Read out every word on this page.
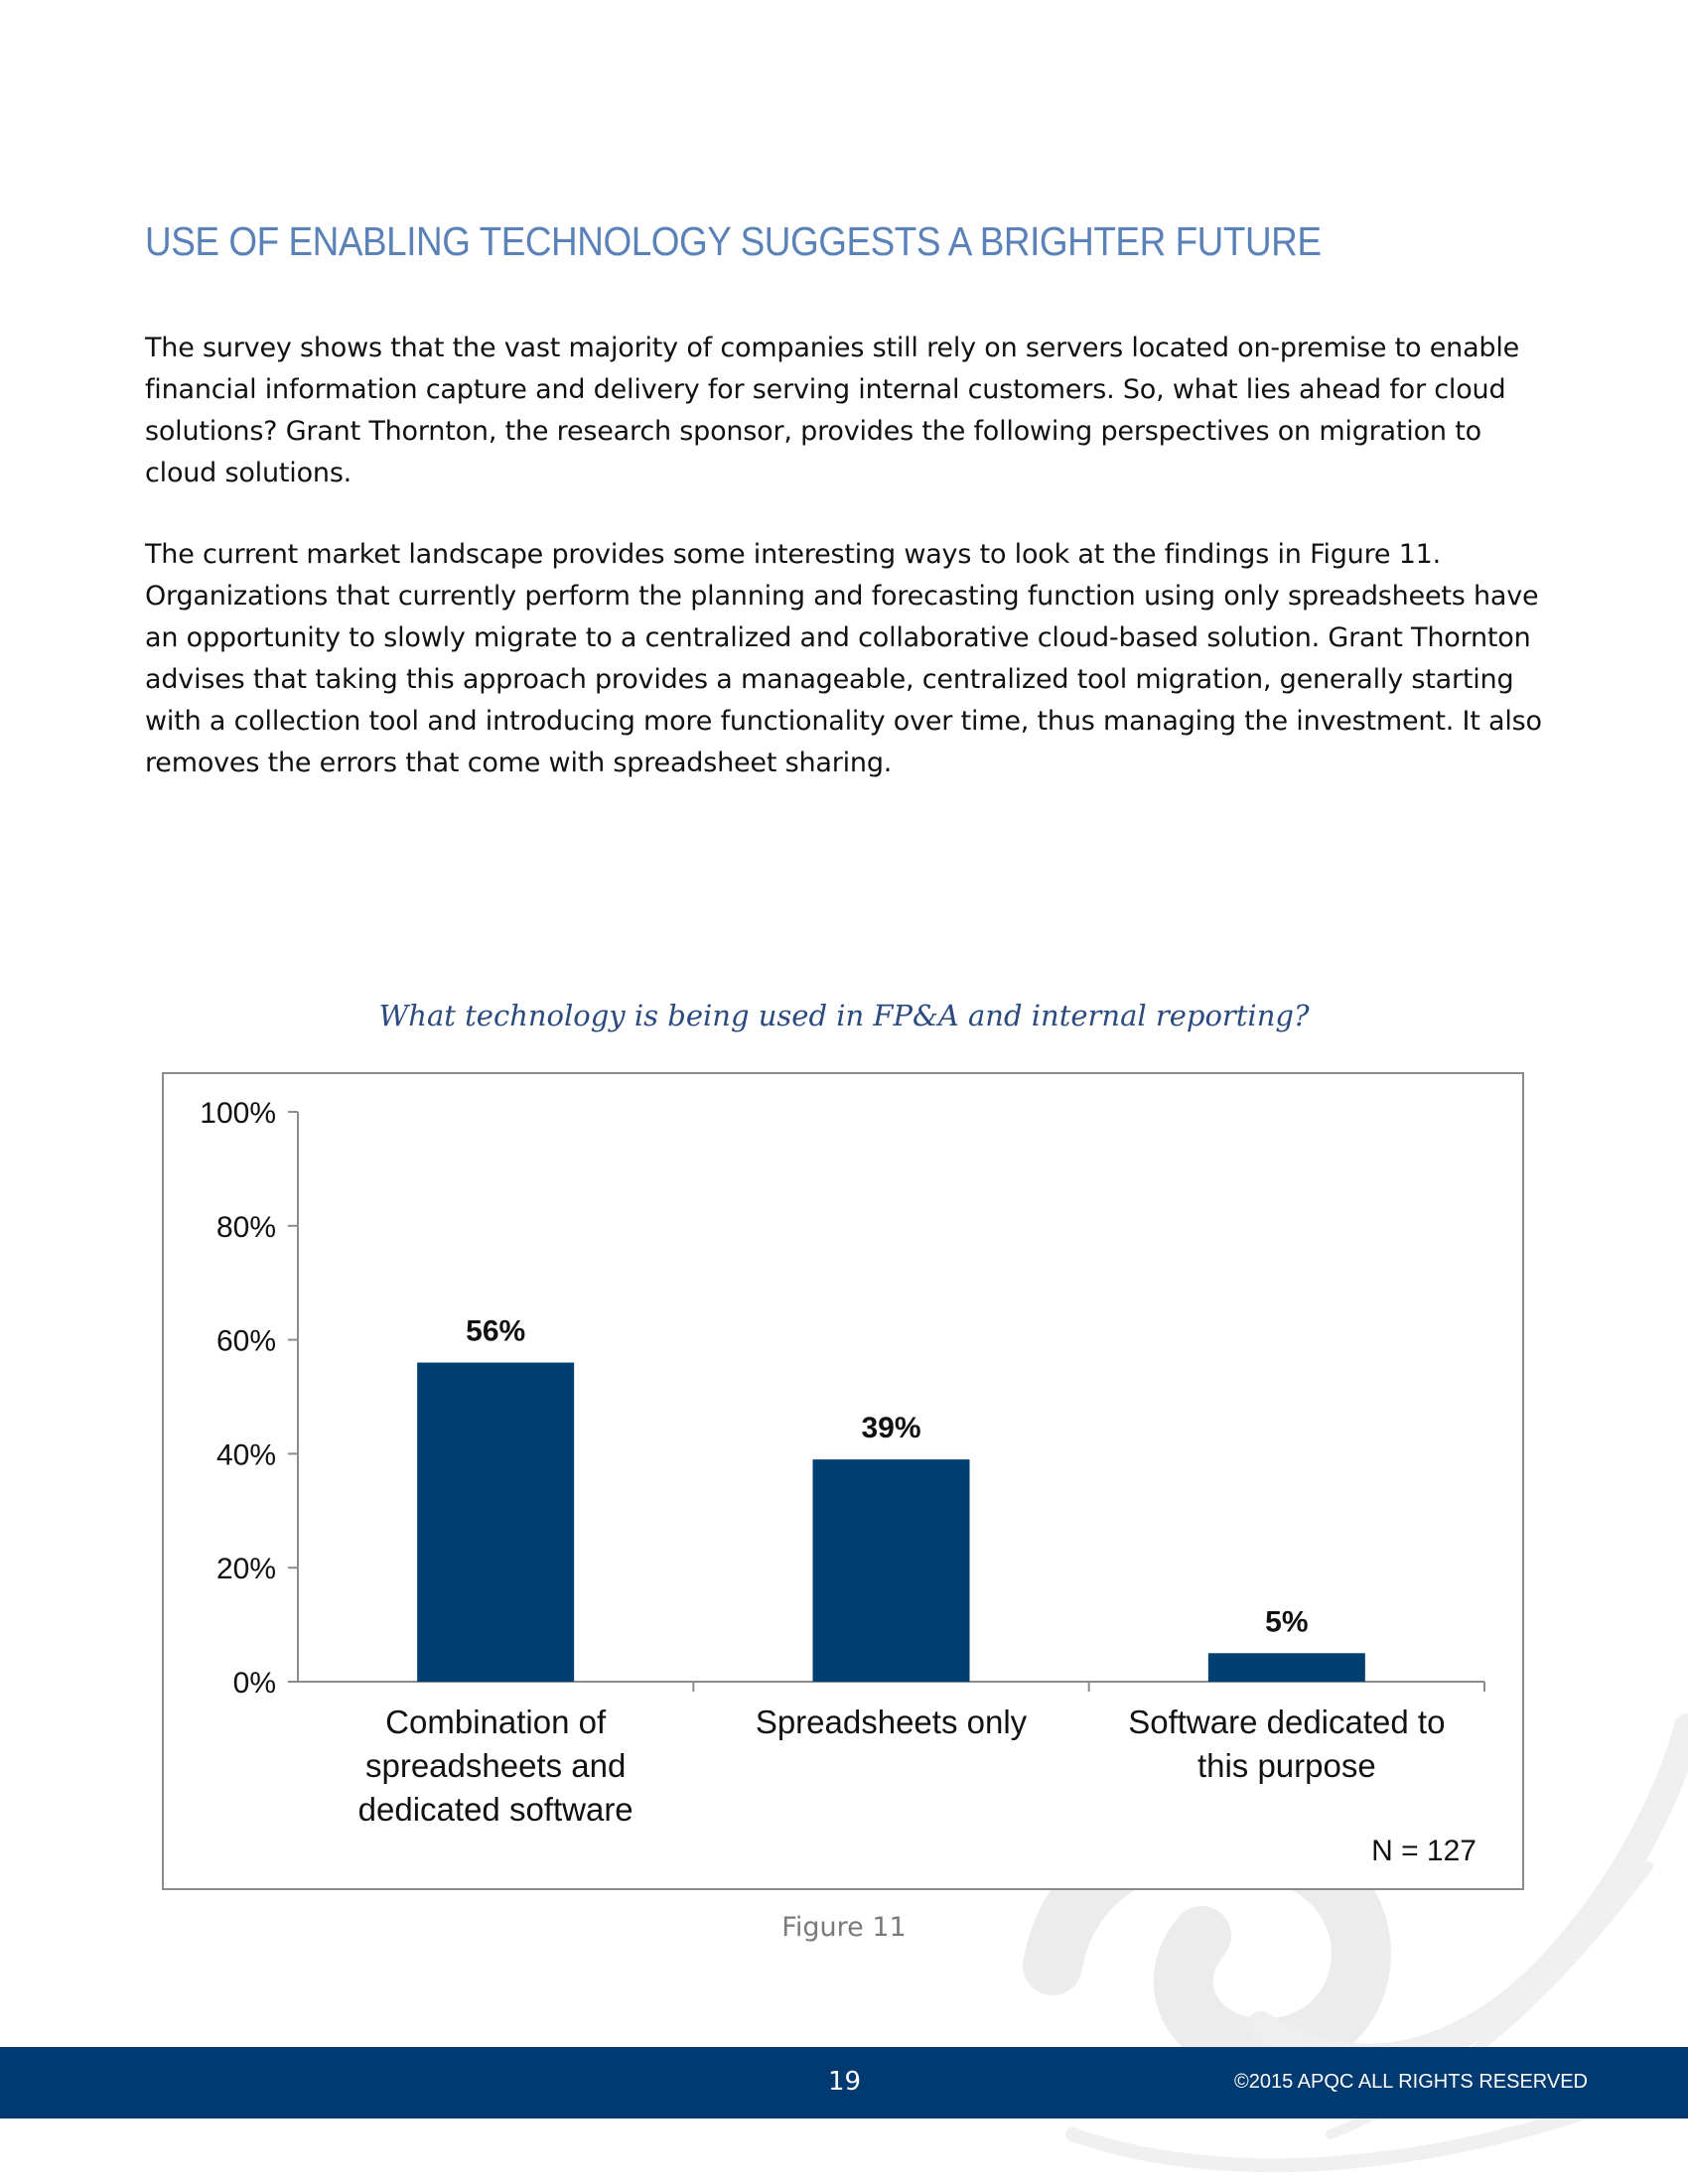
USE OF ENABLING TECHNOLOGY SUGGESTS A BRIGHTER FUTURE

The survey shows that the vast majority of companies still rely on servers located on-premise to enable financial information capture and delivery for serving internal customers. So, what lies ahead for cloud solutions? Grant Thornton, the research sponsor, provides the following perspectives on migration to cloud solutions.

The current market landscape provides some interesting ways to look at the findings in Figure 11. Organizations that currently perform the planning and forecasting function using only spreadsheets have an opportunity to slowly migrate to a centralized and collaborative cloud-based solution. Grant Thornton advises that taking this approach provides a manageable, centralized tool migration, generally starting with a collection tool and introducing more functionality over time, thus managing the investment. It also removes the errors that come with spreadsheet sharing.

What technology is being used in FP&A and internal reporting?
0%
20%
40%
60%
80%
100%
56%
Combination of
spreadsheets and
dedicated software
39%
Spreadsheets only
5%
Software dedicated to
this purpose
N = 127
Figure 11
19	©2015 APQC ALL RIGHTS RESERVED
